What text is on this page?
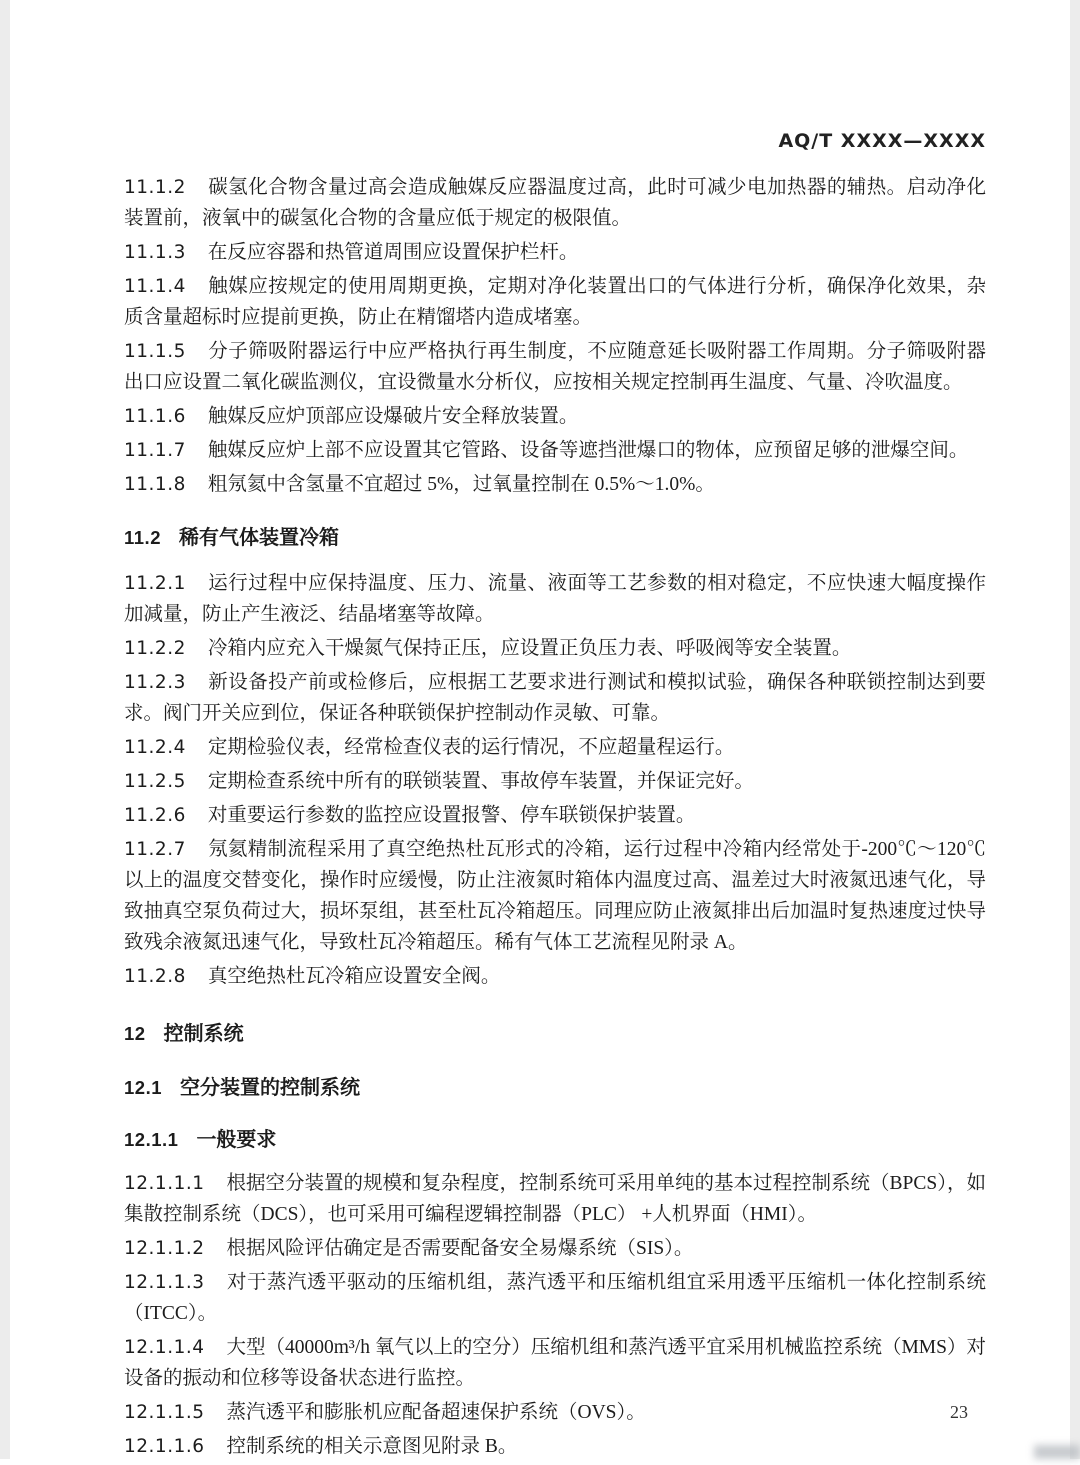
AQ/T XXXX—XXXX

11.1.2 碳氢化合物含量过高会造成触媒反应器温度过高，此时可减少电加热器的辅热。启动净化装置前，液氧中的碳氢化合物的含量应低于规定的极限值。

11.1.3 在反应容器和热管道周围应设置保护栏杆。

11.1.4 触媒应按规定的使用周期更换，定期对净化装置出口的气体进行分析，确保净化效果，杂质含量超标时应提前更换，防止在精馏塔内造成堵塞。

11.1.5 分子筛吸附器运行中应严格执行再生制度，不应随意延长吸附器工作周期。分子筛吸附器出口应设置二氧化碳监测仪，宜设微量水分析仪，应按相关规定控制再生温度、气量、冷吹温度。

11.1.6 触媒反应炉顶部应设爆破片安全释放装置。

11.1.7 触媒反应炉上部不应设置其它管路、设备等遮挡泄爆口的物体，应预留足够的泄爆空间。

11.1.8 粗氖氦中含氢量不宜超过 5%，过氧量控制在 0.5%～1.0%。

11.2 稀有气体装置冷箱

11.2.1 运行过程中应保持温度、压力、流量、液面等工艺参数的相对稳定，不应快速大幅度操作加减量，防止产生液泛、结晶堵塞等故障。

11.2.2 冷箱内应充入干燥氮气保持正压，应设置正负压力表、呼吸阀等安全装置。

11.2.3 新设备投产前或检修后，应根据工艺要求进行测试和模拟试验，确保各种联锁控制达到要求。阀门开关应到位，保证各种联锁保护控制动作灵敏、可靠。

11.2.4 定期检验仪表，经常检查仪表的运行情况，不应超量程运行。

11.2.5 定期检查系统中所有的联锁装置、事故停车装置，并保证完好。

11.2.6 对重要运行参数的监控应设置报警、停车联锁保护装置。

11.2.7 氖氦精制流程采用了真空绝热杜瓦形式的冷箱，运行过程中冷箱内经常处于-200℃～120℃以上的温度交替变化，操作时应缓慢，防止注液氮时箱体内温度过高、温差过大时液氮迅速气化，导致抽真空泵负荷过大，损坏泵组，甚至杜瓦冷箱超压。同理应防止液氮排出后加温时复热速度过快导致残余液氮迅速气化，导致杜瓦冷箱超压。稀有气体工艺流程见附录 A。

11.2.8 真空绝热杜瓦冷箱应设置安全阀。

12 控制系统

12.1 空分装置的控制系统

12.1.1 一般要求

12.1.1.1 根据空分装置的规模和复杂程度，控制系统可采用单纯的基本过程控制系统（BPCS），如集散控制系统（DCS），也可采用可编程逻辑控制器（PLC） +人机界面（HMI）。

12.1.1.2 根据风险评估确定是否需要配备安全易爆系统（SIS）。

12.1.1.3 对于蒸汽透平驱动的压缩机组，蒸汽透平和压缩机组宜采用透平压缩机一体化控制系统（ITCC）。

12.1.1.4 大型（40000m³/h 氧气以上的空分）压缩机组和蒸汽透平宜采用机械监控系统（MMS）对设备的振动和位移等设备状态进行监控。

12.1.1.5 蒸汽透平和膨胀机应配备超速保护系统（OVS）。

12.1.1.6 控制系统的相关示意图见附录 B。

23
